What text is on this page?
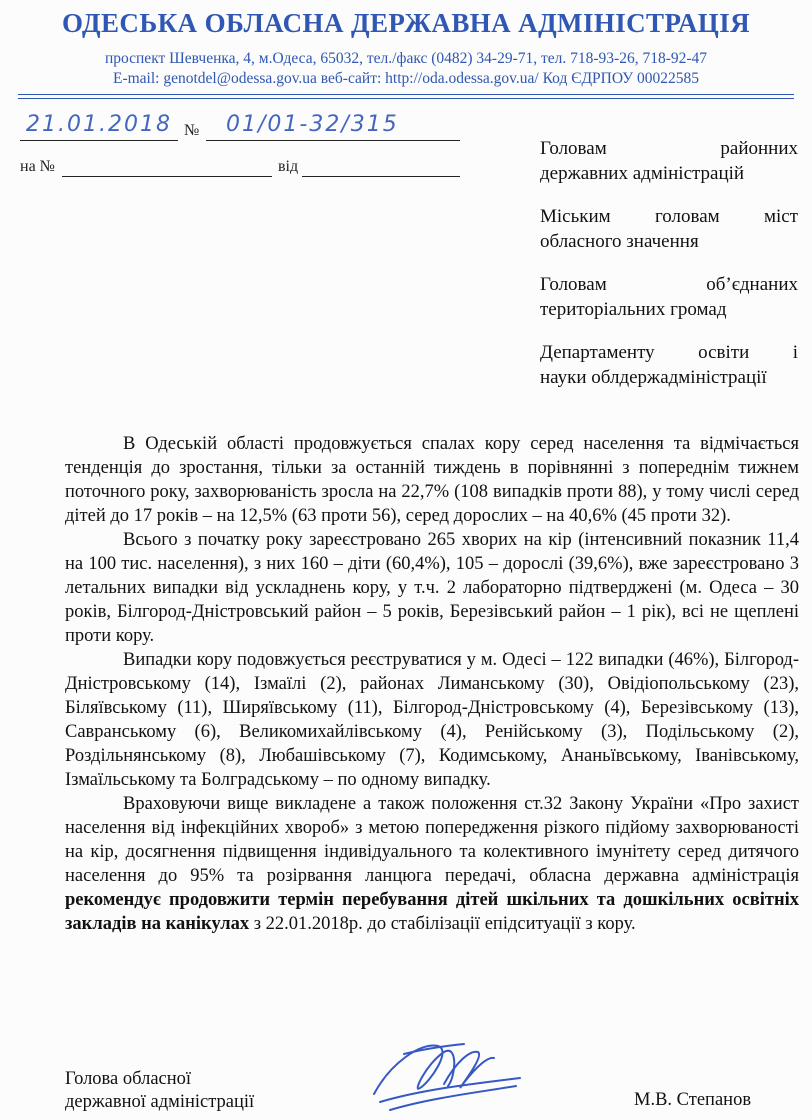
ОДЕСЬКА ОБЛАСНА ДЕРЖАВНА АДМІНІСТРАЦІЯ
проспект Шевченка, 4, м.Одеса, 65032, тел./факс (0482) 34-29-71, тел. 718-93-26, 718-92-47
E-mail: genotdel@odessa.gov.ua веб-сайт: http://oda.odessa.gov.ua/ Код ЄДРПОУ 00022585
21.01.2018 № 01/01-32/315
на №	від
Головам районних
державних адміністрацій
Міським головам міст
обласного значення
Головам об’єднаних
територіальних громад
Департаменту освіти і
науки облдержадміністрації

В Одеській області продовжується спалах кору серед населення та відмічається тенденція до зростання, тільки за останній тиждень в порівнянні з попереднім тижнем поточного року, захворюваність зросла на 22,7% (108 випадків проти 88), у тому числі серед дітей до 17 років – на 12,5% (63 проти 56), серед дорослих – на 40,6% (45 проти 32).

Всього з початку року зареєстровано 265 хворих на кір (інтенсивний показник 11,4 на 100 тис. населення), з них 160 – діти (60,4%), 105 – дорослі (39,6%), вже зареєстровано 3 летальних випадки від ускладнень кору, у т.ч. 2 лабораторно підтверджені (м. Одеса – 30 років, Білгород-Дністровський район – 5 років, Березівський район – 1 рік), всі не щеплені проти кору.

Випадки кору подовжується реєструватися у м. Одесі – 122 випадки (46%), Білгород-Дністровському (14), Ізмаїлі (2), районах Лиманському (30), Овідіопольському (23), Біляївському (11), Ширяївському (11), Білгород-Дністровському (4), Березівському (13), Савранському (6), Великомихайлівському (4), Ренійському (3), Подільському (2), Роздільнянському (8), Любашівському (7), Кодимському, Ананьївському, Іванівському, Ізмаїльському та Болградському – по одному випадку.

Враховуючи вище викладене а також положення ст.32 Закону України «Про захист населення від інфекційних хвороб» з метою попередження різкого підйому захворюваності на кір, досягнення підвищення індивідуального та колективного імунітету серед дитячого населення до 95% та розірвання ланцюга передачі, обласна державна адміністрація рекомендує продовжити термін перебування дітей шкільних та дошкільних освітніх закладів на канікулах з 22.01.2018р. до стабілізації епідситуації з кору.

Голова обласної
державної адміністрації	М.В. Степанов
